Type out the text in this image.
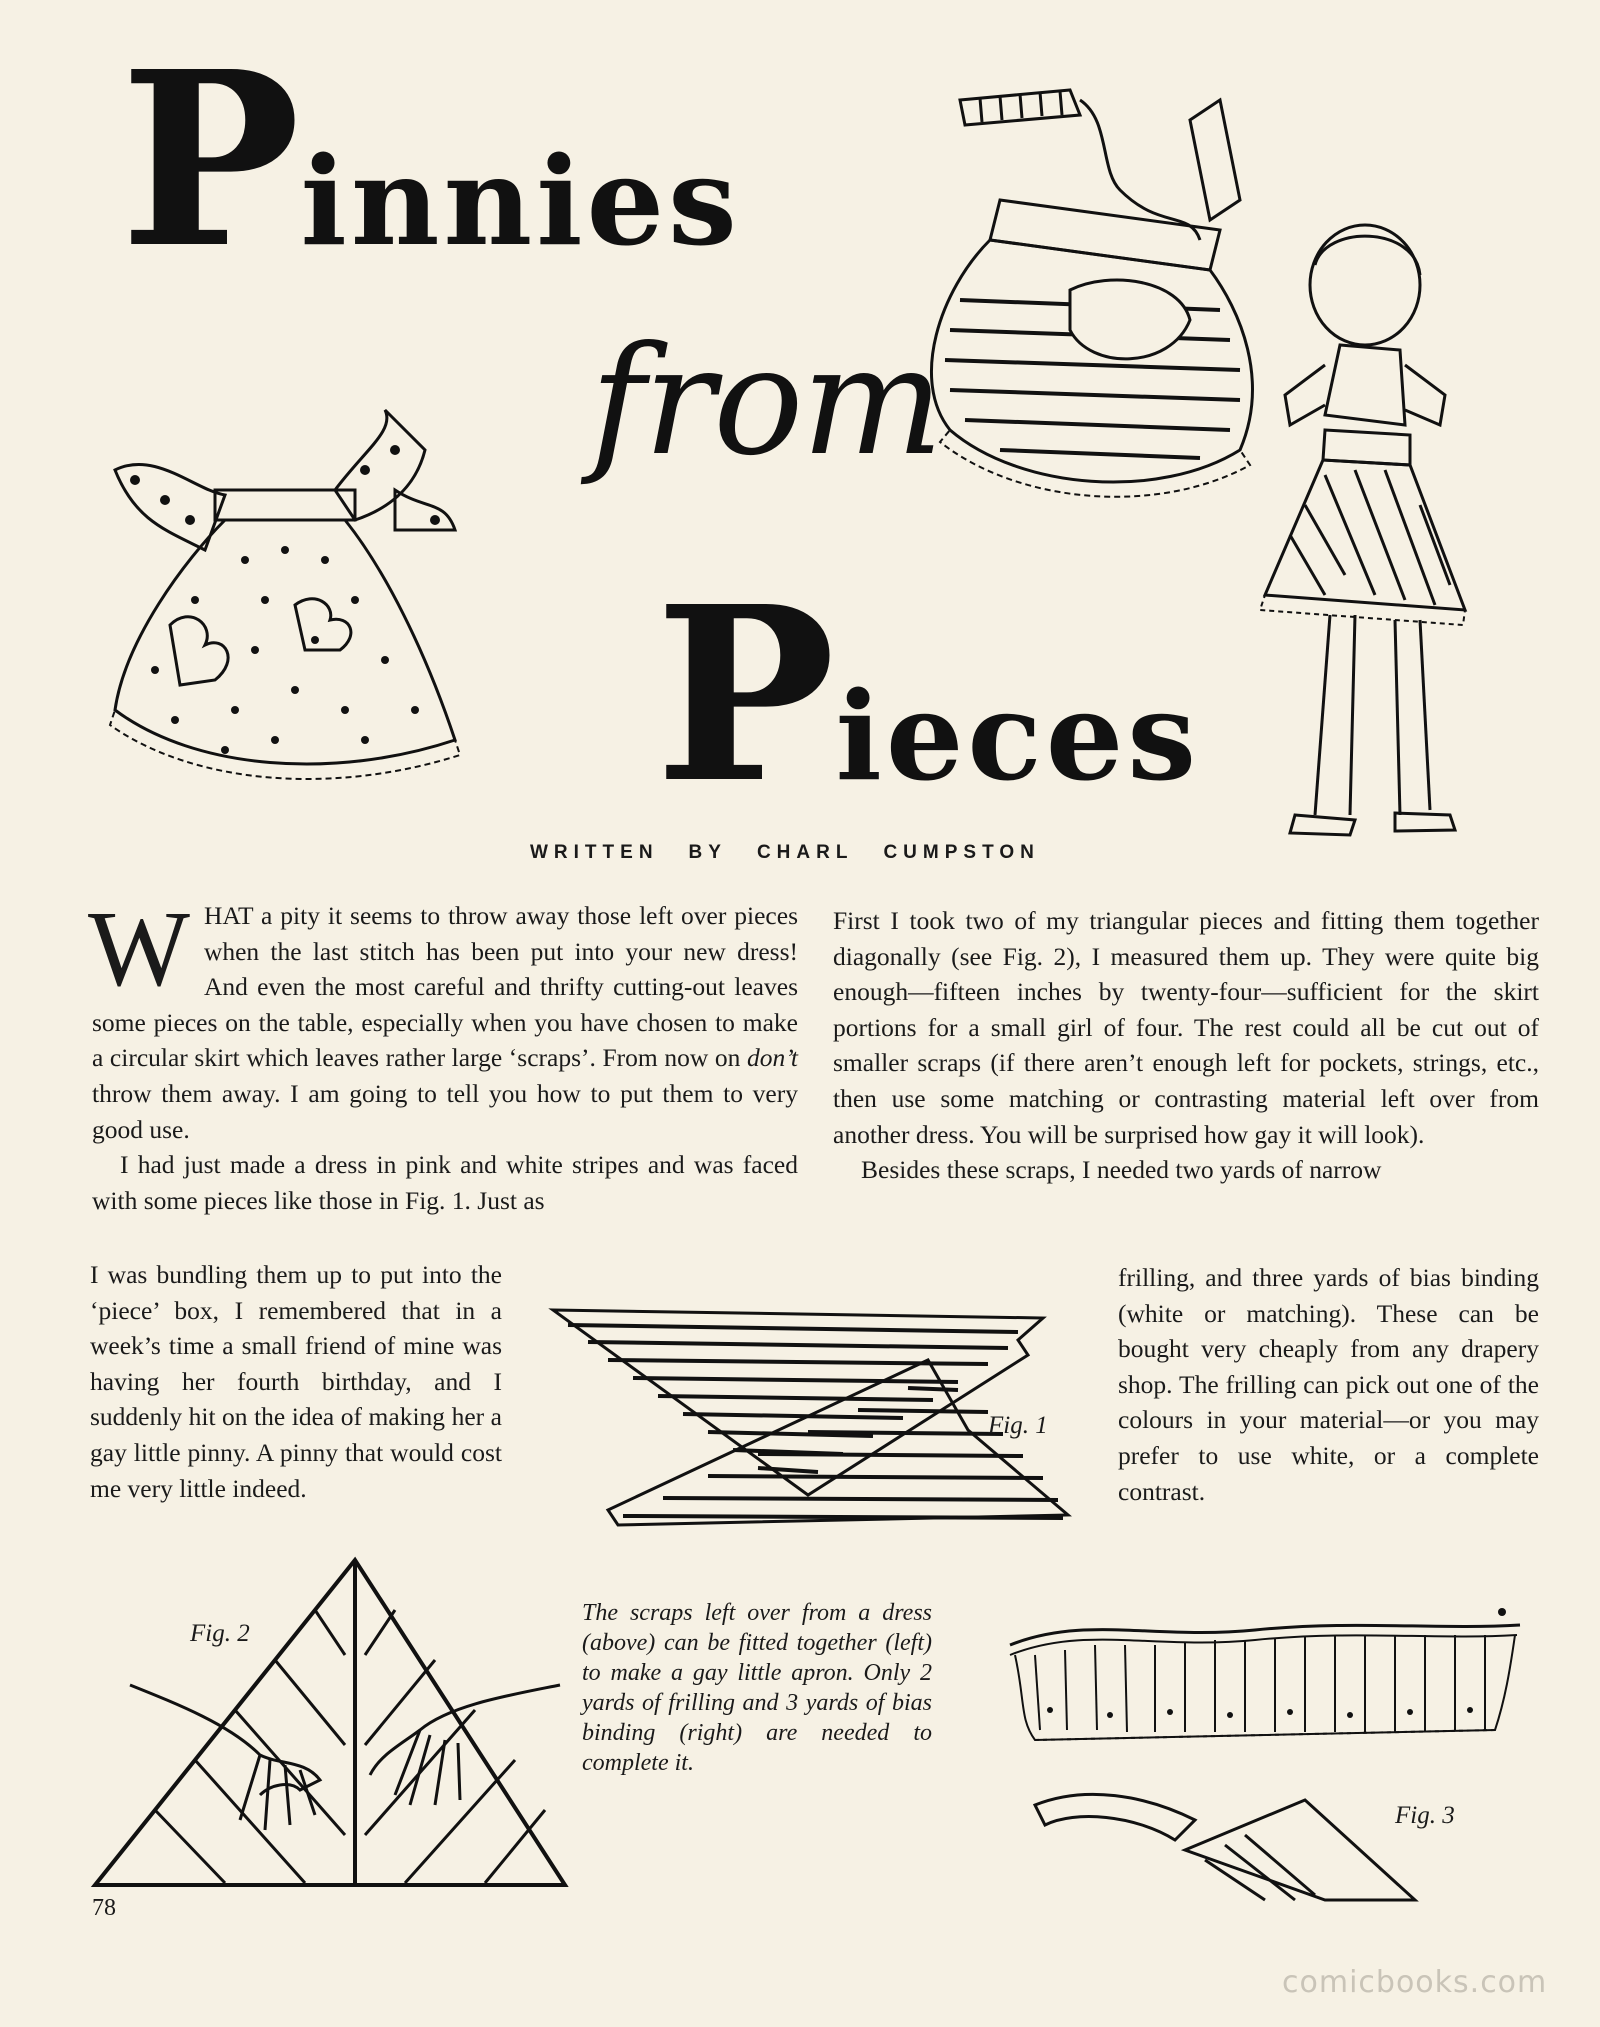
Pinnies
from
Pieces
WRITTEN BY CHARL CUMPSTON

WHAT a pity it seems to throw away those left over pieces when the last stitch has been put into your new dress! And even the most careful and thrifty cutting-out leaves some pieces on the table, especially when you have chosen to make a circular skirt which leaves rather large ‘scraps’. From now on don’t throw them away. I am going to tell you how to put them to very good use.

I had just made a dress in pink and white stripes and was faced with some pieces like those in Fig. 1. Just as

I was bundling them up to put into the ‘piece’ box, I remembered that in a week’s time a small friend of mine was having her fourth birthday, and I suddenly hit on the idea of making her a gay little pinny. A pinny that would cost me very little indeed.

First I took two of my triangular pieces and fitting them together diagonally (see Fig. 2), I measured them up. They were quite big enough—fifteen inches by twenty-four—sufficient for the skirt portions for a small girl of four. The rest could all be cut out of smaller scraps (if there aren’t enough left for pockets, strings, etc., then use some matching or contrasting material left over from another dress. You will be surprised how gay it will look).

Besides these scraps, I needed two yards of narrow

frilling, and three yards of bias binding (white or matching). These can be bought very cheaply from any drapery shop. The frilling can pick out one of the colours in your material—or you may prefer to use white, or a complete contrast.

Fig. 1
Fig. 2
The scraps left over from a dress (above) can be fitted together (left) to make a gay little apron. Only 2 yards of frilling and 3 yards of bias binding (right) are needed to complete it.
Fig. 3
78
comicbooks.com
